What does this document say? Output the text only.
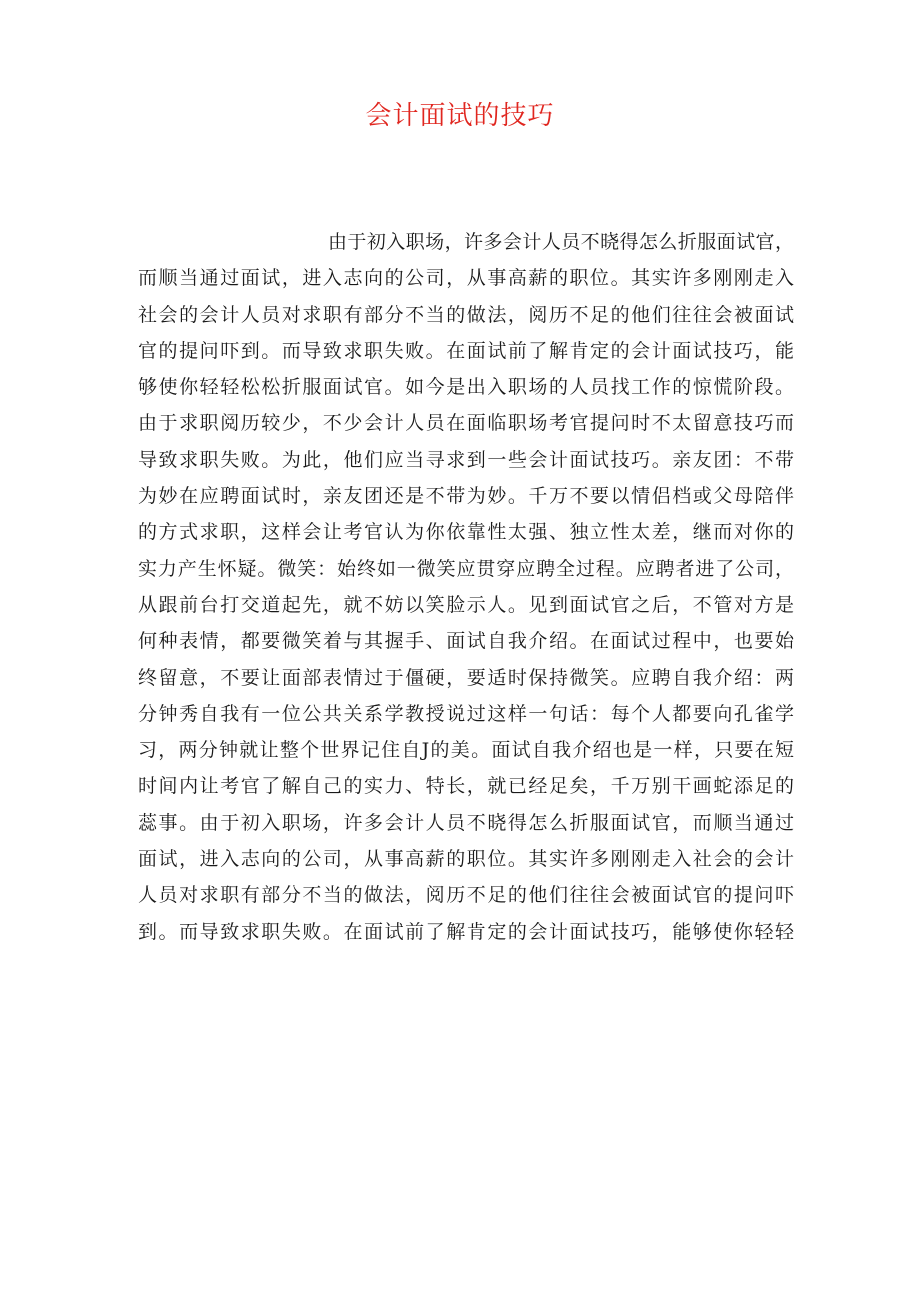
会计面试的技巧
由于初入职场，许多会计人员不晓得怎么折服面试官，
而顺当通过面试，进入志向的公司，从事高薪的职位。其实许多刚刚走入
社会的会计人员对求职有部分不当的做法，阅历不足的他们往往会被面试
官的提问吓到。而导致求职失败。在面试前了解肯定的会计面试技巧，能
够使你轻轻松松折服面试官。如今是出入职场的人员找工作的惊慌阶段。
由于求职阅历较少，不少会计人员在面临职场考官提问时不太留意技巧而
导致求职失败。为此，他们应当寻求到一些会计面试技巧。亲友团：不带
为妙在应聘面试时，亲友团还是不带为妙。千万不要以情侣档或父母陪伴
的方式求职，这样会让考官认为你依靠性太强、独立性太差，继而对你的
实力产生怀疑。微笑：始终如一微笑应贯穿应聘全过程。应聘者进了公司，
从跟前台打交道起先，就不妨以笑脸示人。见到面试官之后，不管对方是
何种表情，都要微笑着与其握手、面试自我介绍。在面试过程中，也要始
终留意，不要让面部表情过于僵硬，要适时保持微笑。应聘自我介绍：两
分钟秀自我有一位公共关系学教授说过这样一句话：每个人都要向孔雀学
习，两分钟就让整个世界记住自J的美。面试自我介绍也是一样，只要在短
时间内让考官了解自己的实力、特长，就已经足矣，千万别干画蛇添足的
蕊事。由于初入职场，许多会计人员不晓得怎么折服面试官，而顺当通过
面试，进入志向的公司，从事高薪的职位。其实许多刚刚走入社会的会计
人员对求职有部分不当的做法，阅历不足的他们往往会被面试官的提问吓
到。而导致求职失败。在面试前了解肯定的会计面试技巧，能够使你轻轻
